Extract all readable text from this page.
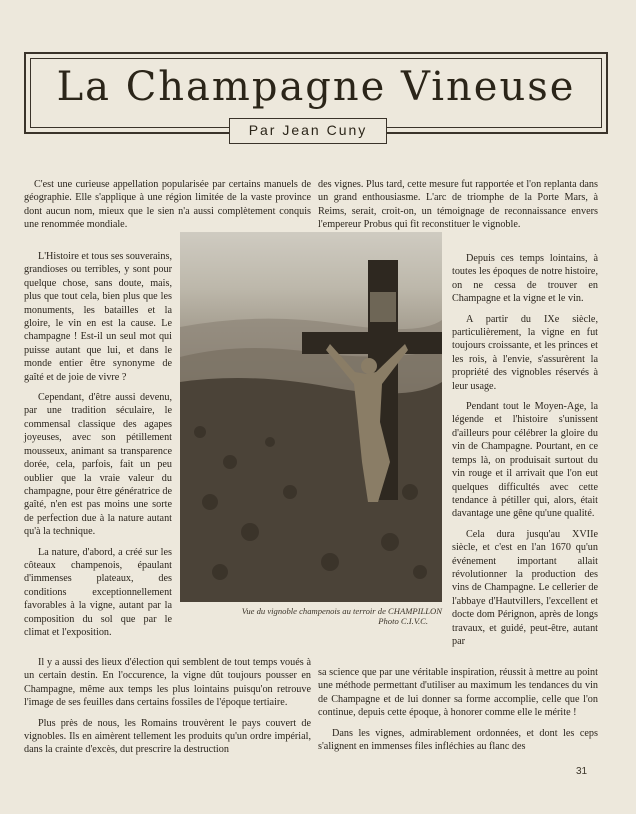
La Champagne Vineuse
Par Jean Cuny

C'est une curieuse appellation popularisée par certains manuels de géographie. Elle s'applique à une région limitée de la vaste province dont aucun nom, mieux que le sien n'a aussi complètement conquis une renommée mondiale.

L'Histoire et tous ses souverains, grandioses ou terribles, y sont pour quelque chose, sans doute, mais, plus que tout cela, bien plus que les monuments, les batailles et la gloire, le vin en est la cause. Le champagne ! Est-il un seul mot qui puisse autant que lui, et dans le monde entier être synonyme de gaîté et de joie de vivre ?

Cependant, d'être aussi devenu, par une tradition séculaire, le commensal classique des agapes joyeuses, avec son pétillement mousseux, animant sa transparence dorée, cela, parfois, fait un peu oublier que la vraie valeur du champagne, pour être génératrice de gaîté, n'en est pas moins une sorte de perfection due à la nature autant qu'à la technique.

La nature, d'abord, a créé sur les côteaux champenois, épaulant d'immenses plateaux, des conditions exceptionnellement favorables à la vigne, autant par la composition du sol que par le climat et l'exposition.

Il y a aussi des lieux d'élection qui semblent de tout temps voués à un certain destin. En l'occurence, la vigne dût toujours pousser en Champagne, même aux temps les plus lointains puisqu'on retrouve l'image de ses feuilles dans certains fossiles de l'époque tertiaire.

Plus près de nous, les Romains trouvèrent le pays couvert de vignobles. Ils en aimèrent tellement les produits qu'un ordre impérial, dans la crainte d'excès, dut prescrire la destruction

des vignes. Plus tard, cette mesure fut rapportée et l'on replanta dans un grand enthousiasme. L'arc de triomphe de la Porte Mars, à Reims, serait, croit-on, un témoignage de reconnaissance envers l'empereur Probus qui fit reconstituer le vignoble.

Depuis ces temps lointains, à toutes les époques de notre histoire, on ne cessa de trouver en Champagne et la vigne et le vin.

A partir du IXe siècle, particulièrement, la vigne en fut toujours croissante, et les princes et les rois, à l'envie, s'assurèrent la propriété des vignobles réservés à leur usage.

Pendant tout le Moyen-Age, la légende et l'histoire s'unissent d'ailleurs pour célébrer la gloire du vin de Champagne. Pourtant, en ce temps là, on produisait surtout du vin rouge et il arrivait que l'on eut quelques difficultés avec cette tendance à pétiller qui, alors, était davantage une gêne qu'une qualité.

Cela dura jusqu'au XVIIe siècle, et c'est en l'an 1670 qu'un événement important allait révolutionner la production des vins de Champagne. Le cellerier de l'abbaye d'Hautvillers, l'excellent et docte dom Pérignon, après de longs travaux, et guidé, peut-être, autant par

sa science que par une véritable inspiration, réussit à mettre au point une méthode permettant d'utiliser au maximum les tendances du vin de Champagne et de lui donner sa forme accomplie, celle que l'on continue, depuis cette époque, à honorer comme elle le mérite !

Dans les vignes, admirablement ordonnées, et dont les ceps s'alignent en immenses files infléchies au flanc des

Vue du vignoble champenois au terroir de CHAMPILLON
Photo C.I.V.C.
31
